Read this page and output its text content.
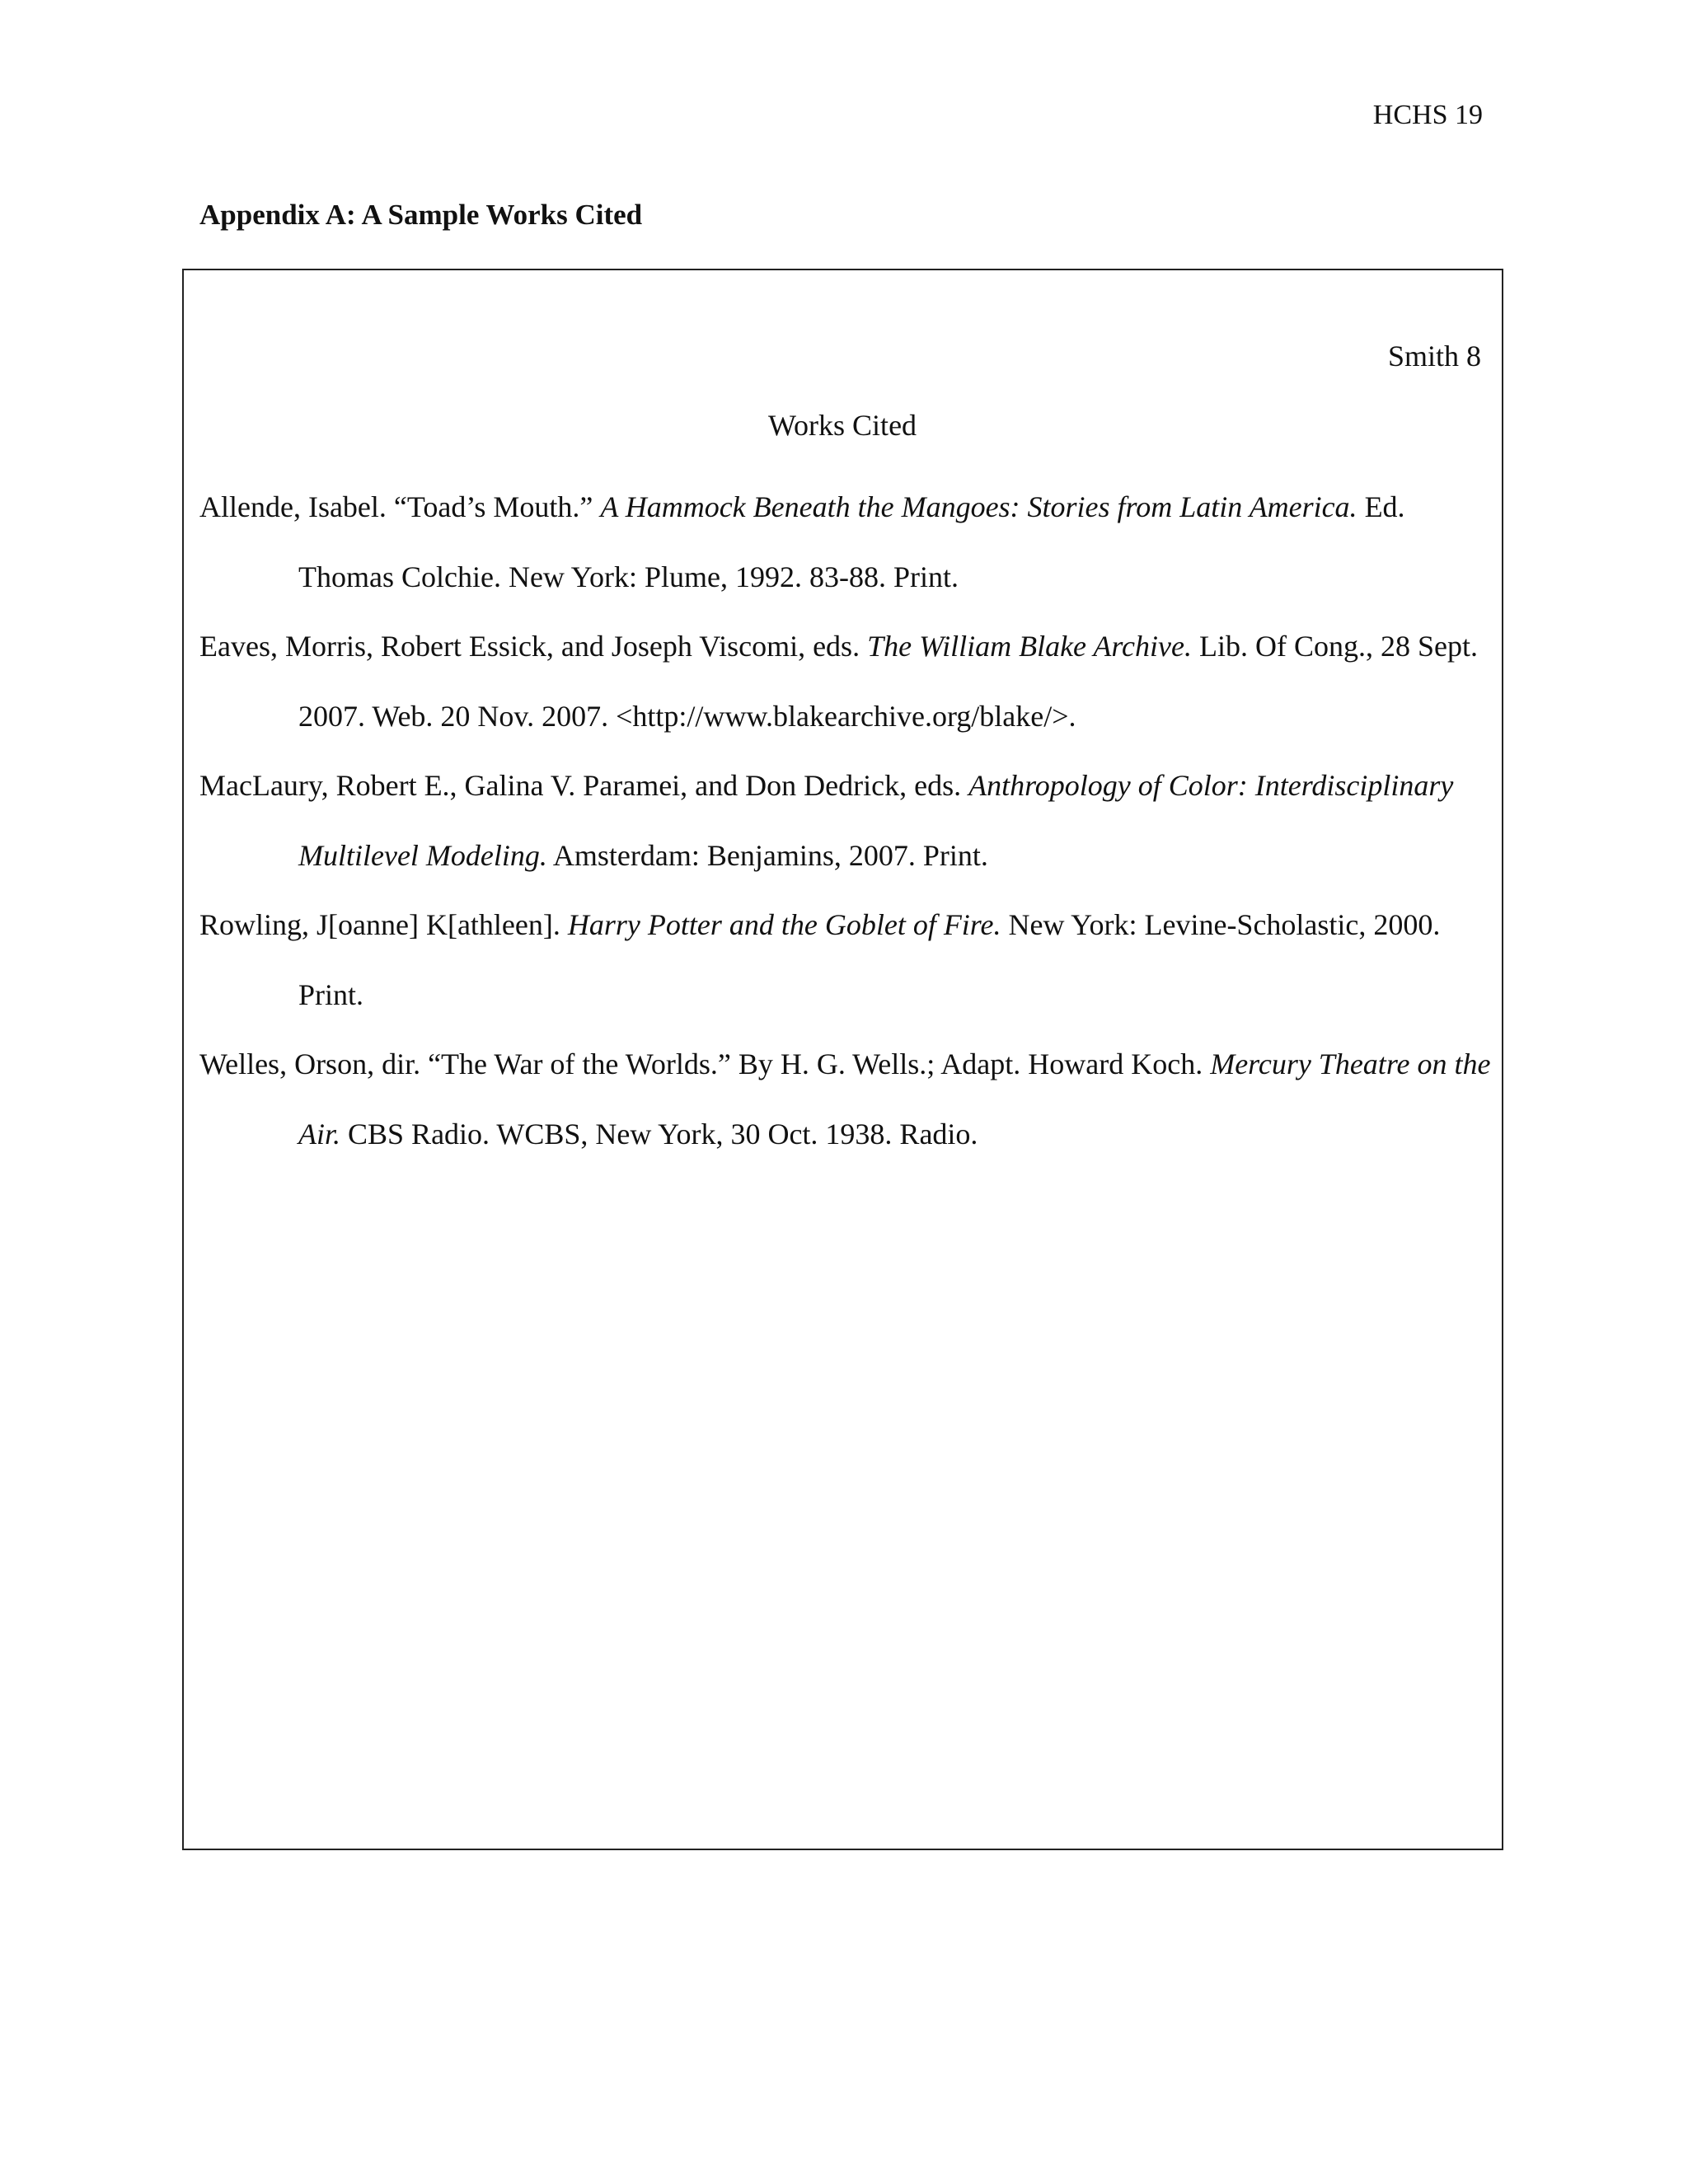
HCHS 19
Appendix A: A Sample Works Cited
Smith 8
Works Cited
Allende, Isabel. “Toad’s Mouth.” A Hammock Beneath the Mangoes: Stories from Latin America. Ed. Thomas Colchie. New York: Plume, 1992. 83-88. Print.
Eaves, Morris, Robert Essick, and Joseph Viscomi, eds. The William Blake Archive. Lib. Of Cong., 28 Sept. 2007. Web. 20 Nov. 2007. <http://www.blakearchive.org/blake/>.
MacLaury, Robert E., Galina V. Paramei, and Don Dedrick, eds. Anthropology of Color: Interdisciplinary Multilevel Modeling. Amsterdam: Benjamins, 2007. Print.
Rowling, J[oanne] K[athleen]. Harry Potter and the Goblet of Fire. New York: Levine-Scholastic, 2000. Print.
Welles, Orson, dir. “The War of the Worlds.” By H. G. Wells.; Adapt. Howard Koch. Mercury Theatre on the Air. CBS Radio. WCBS, New York, 30 Oct. 1938. Radio.
